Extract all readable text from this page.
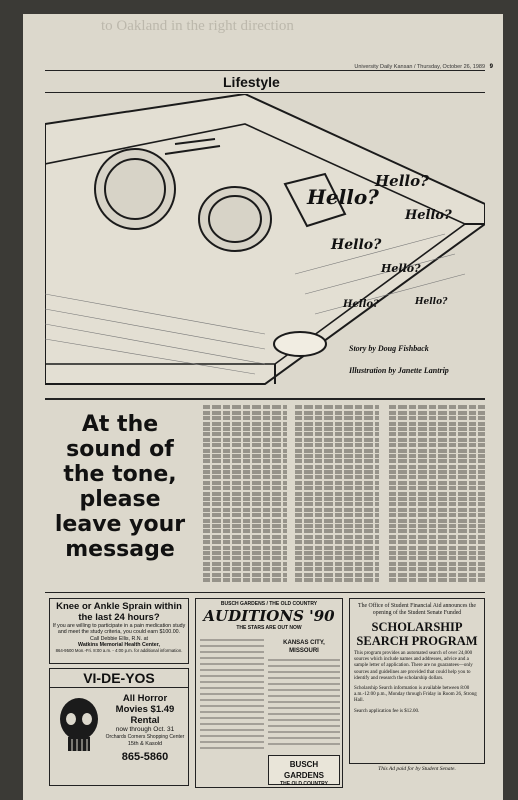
to Oakland in the right direction
Lifestyle
University Daily Kansan / Thursday, October 26, 1989 9
Hello?
Hello?
Hello?
Hello?
Hello?
Hello?	Hello?
Story by Doug Fishback
Illustration by Janette Lantrip
At the sound of the tone, please leave your message
Knee or Ankle Sprain within the last 24 hours?
If you are willing to participate in a pain medication study and meet the study criteria, you could earn $100.00.
Call Debbie Ellis, R.N. at
Watkins Memorial Health Center,
864-9500 Mon.-Fri. 8:00 a.m. - 4:00 p.m. for additional information.
VI-DE-YOS
All Horror
Movies $1.49
Rental
now through Oct. 31
Orchards Corners Shopping Center
15th & Kasold
865-5860
BUSCH GARDENS / THE OLD COUNTRY
AUDITIONS '90
THE STARS ARE OUT NOW
KANSAS CITY, MISSOURI
BUSCH GARDENS
THE OLD COUNTRY
The Office of Student Financial Aid announces the opening of the Student Senate Funded
SCHOLARSHIP SEARCH PROGRAM
This program provides an automated search of over 24,000 sources which include names and addresses, advice and a sample letter of application. There are no guarantees—only sources and guidelines are provided that could help you to identify and research the scholarship dollars.
Scholarship Search information is available between 8:00 a.m.-12:00 p.m., Monday through Friday in Room 26, Strong Hall.
Search application fee is $12.00.
This Ad paid for by Student Senate.
